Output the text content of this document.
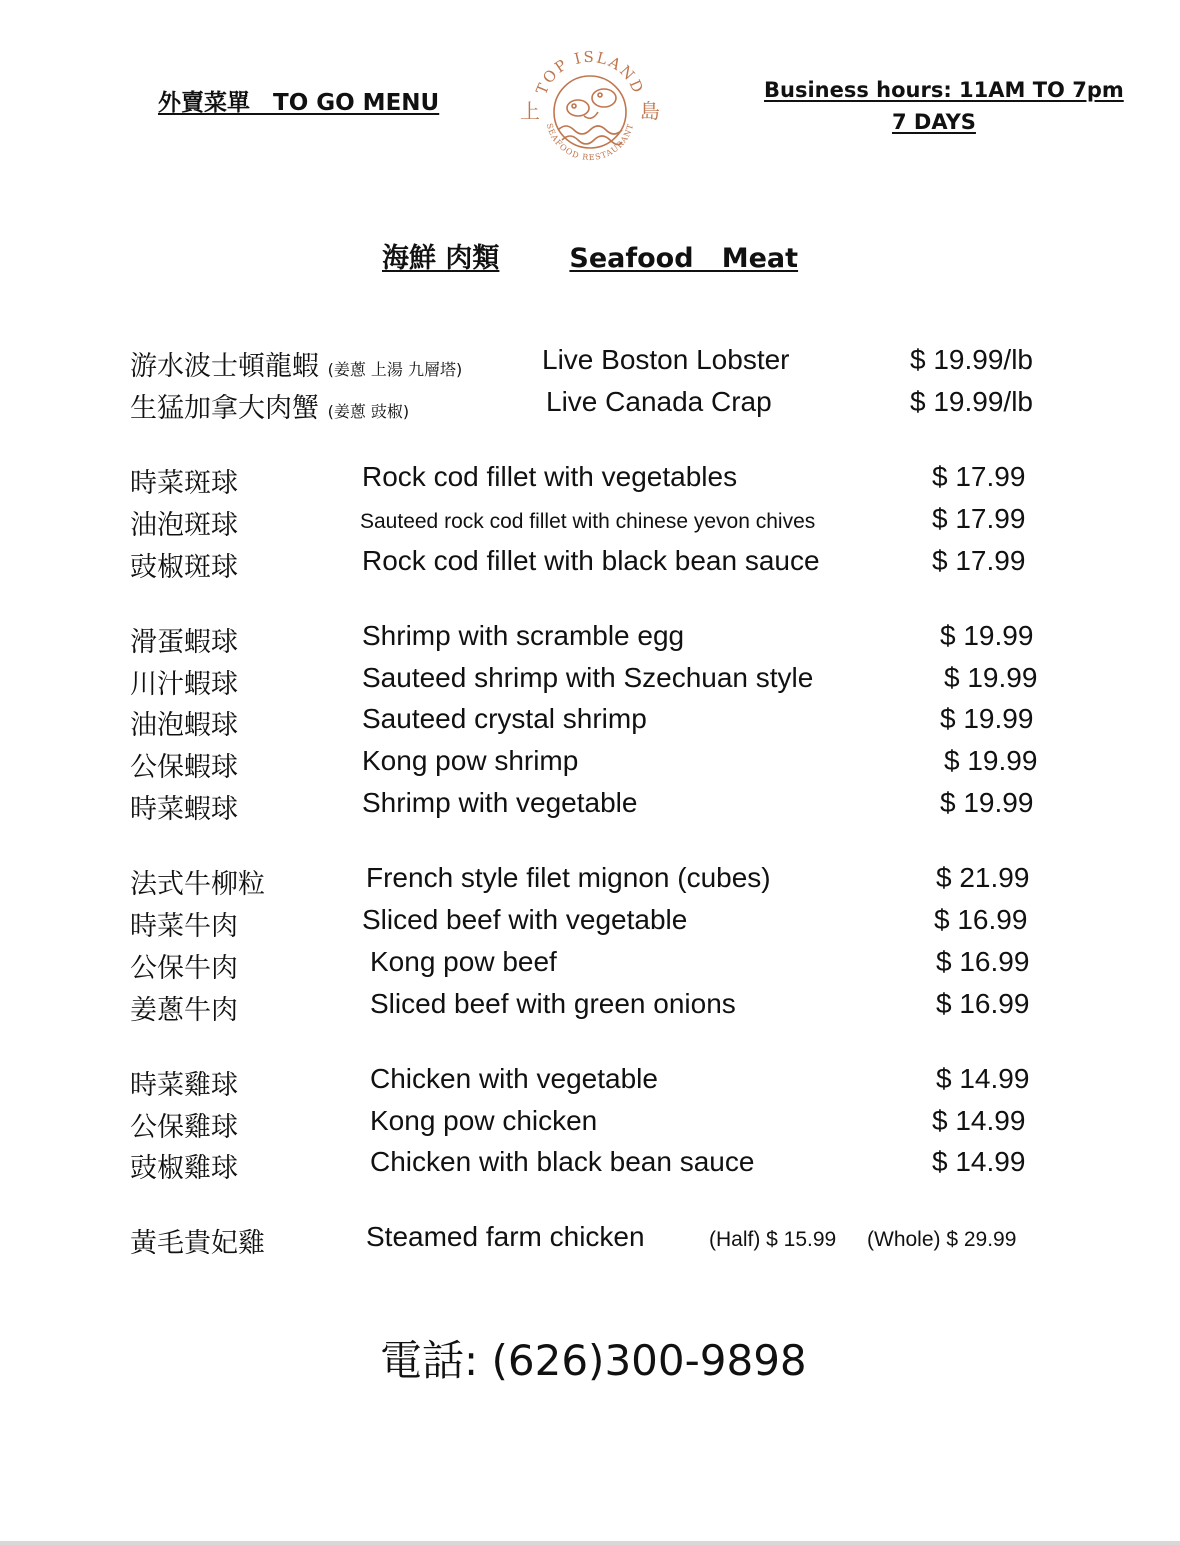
外賣菜單　TO GO MENU
TOP ISLAND
SEAFOOD RESTAURANT
上	島
Business hours: 11AM TO 7pm
7 DAYS
海鮮 肉類	Seafood   Meat
游水波士頓龍蝦 (姜蔥 上湯 九層塔)	Live Boston Lobster	$ 19.99/lb
生猛加拿大肉蟹 (姜蔥 豉椒)	Live Canada Crap	$ 19.99/lb
時菜斑球	Rock cod fillet with vegetables	$ 17.99
油泡斑球	Sauteed rock cod fillet with chinese yevon chives	$ 17.99
豉椒斑球	Rock cod fillet with black bean sauce	$ 17.99
滑蛋蝦球	Shrimp with scramble egg	$ 19.99
川汁蝦球	Sauteed shrimp with Szechuan style	$ 19.99
油泡蝦球	Sauteed crystal shrimp	$ 19.99
公保蝦球	Kong pow shrimp	$ 19.99
時菜蝦球	Shrimp with vegetable	$ 19.99
法式牛柳粒	French style filet mignon (cubes)	$ 21.99
時菜牛肉	Sliced beef with vegetable	$ 16.99
公保牛肉	Kong pow beef	$ 16.99
姜蔥牛肉	Sliced beef with green onions	$ 16.99
時菜雞球	Chicken with vegetable	$ 14.99
公保雞球	Kong pow chicken	$ 14.99
豉椒雞球	Chicken with black bean sauce	$ 14.99
黃毛貴妃雞	Steamed farm chicken	(Half) $ 15.99 (Whole) $ 29.99
電話: (626)300-9898
